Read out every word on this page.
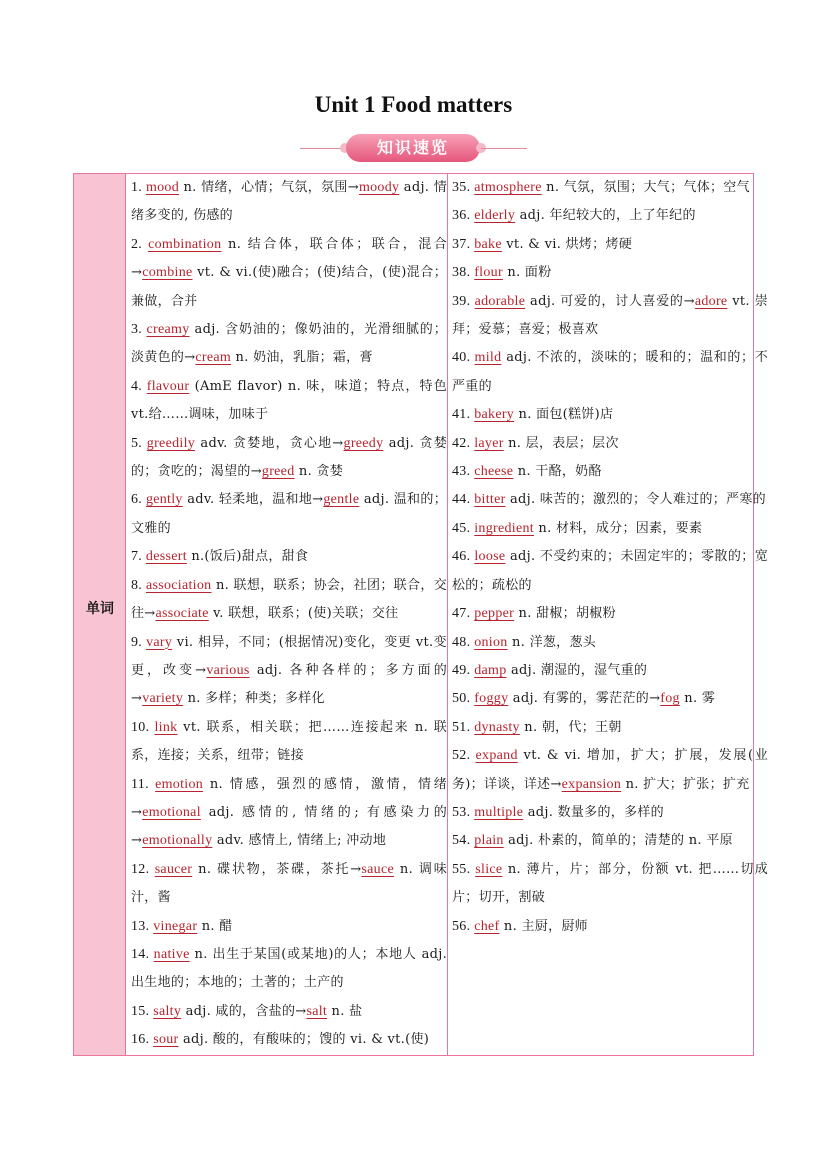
Unit 1 Food matters
知识速览
单词
1. mood n. 情绪，心情；气氛，氛围→moody adj. 情绪多变的, 伤感的
2. combination n. 结合体，联合体；联合，混合→combine vt. & vi.(使)融合；(使)结合，(使)混合；兼做，合并
3. creamy adj. 含奶油的；像奶油的，光滑细腻的；淡黄色的→cream n. 奶油，乳脂；霜，膏
4. flavour (AmE flavor) n. 味，味道；特点，特色 vt.给……调味，加味于
5. greedily adv. 贪婪地，贪心地→greedy adj. 贪婪的；贪吃的；渴望的→greed n. 贪婪
6. gently adv. 轻柔地，温和地→gentle adj. 温和的；文雅的
7. dessert n.(饭后)甜点，甜食
8. association n. 联想，联系；协会，社团；联合，交往→associate v. 联想，联系；(使)关联；交往
9. vary vi. 相异，不同；(根据情况)变化，变更 vt.变更，改变→various adj. 各种各样的；多方面的→variety n. 多样；种类；多样化
10. link vt. 联系，相关联；把……连接起来 n. 联系，连接；关系，纽带；链接
11. emotion n. 情感，强烈的感情，激情，情绪→emotional adj. 感情的, 情绪的; 有感染力的→emotionally adv. 感情上, 情绪上; 冲动地
12. saucer n. 碟状物，茶碟，茶托→sauce n. 调味汁，酱
13. vinegar n. 醋
14. native n. 出生于某国(或某地)的人；本地人 adj. 出生地的；本地的；土著的；土产的
15. salty adj. 咸的，含盐的→salt n. 盐
16. sour adj. 酸的，有酸味的；馊的 vi. & vt.(使)
35. atmosphere n. 气氛，氛围；大气；气体；空气
36. elderly adj. 年纪较大的，上了年纪的
37. bake vt. & vi. 烘烤；烤硬
38. flour n. 面粉
39. adorable adj. 可爱的，讨人喜爱的→adore vt. 崇拜；爱慕；喜爱；极喜欢
40. mild adj. 不浓的，淡味的；暖和的；温和的；不严重的
41. bakery n. 面包(糕饼)店
42. layer n. 层，表层；层次
43. cheese n. 干酪，奶酪
44. bitter adj. 味苦的；激烈的；令人难过的；严寒的
45. ingredient n. 材料，成分；因素，要素
46. loose adj. 不受约束的；未固定牢的；零散的；宽松的；疏松的
47. pepper n. 甜椒；胡椒粉
48. onion n. 洋葱，葱头
49. damp adj. 潮湿的，湿气重的
50. foggy adj. 有雾的，雾茫茫的→fog n. 雾
51. dynasty n. 朝，代；王朝
52. expand vt. & vi. 增加，扩大；扩展，发展(业务)；详谈，详述→expansion n. 扩大；扩张；扩充
53. multiple adj. 数量多的，多样的
54. plain adj. 朴素的，简单的；清楚的 n. 平原
55. slice n. 薄片，片；部分，份额 vt. 把……切成片；切开，割破
56. chef n. 主厨，厨师
